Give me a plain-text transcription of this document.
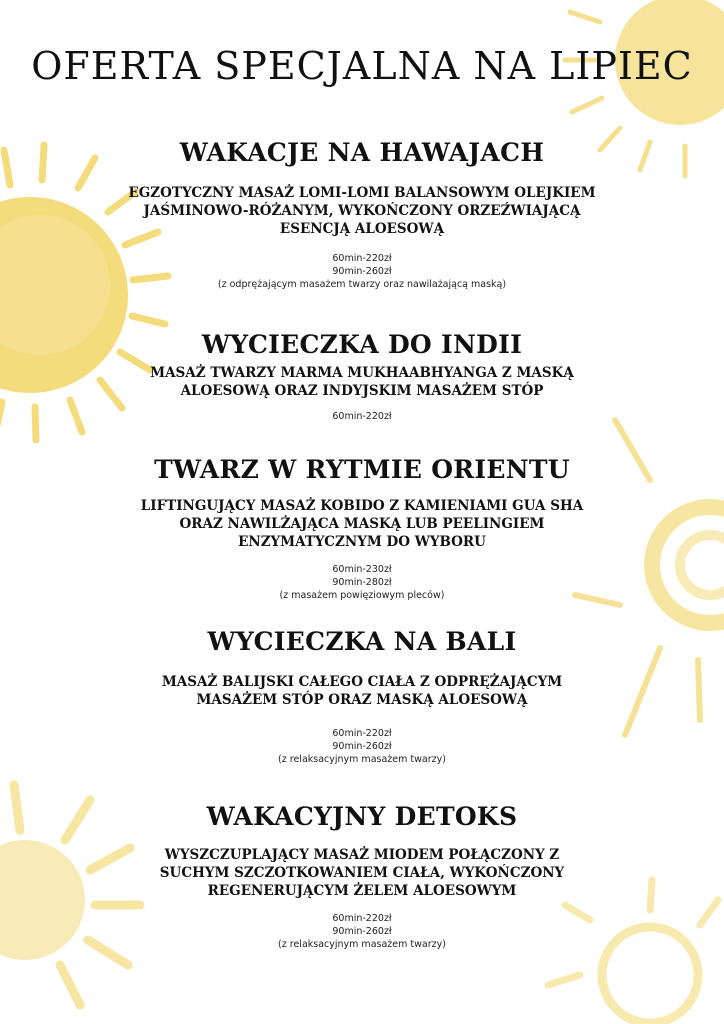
OFERTA SPECJALNA NA LIPIEC
WAKACJE NA HAWAJACH

EGZOTYCZNY MASAŻ LOMI-LOMI BALANSOWYM OLEJKIEM JAŚMINOWO-RÓŻANYM, WYKOŃCZONY ORZEŹWIAJĄCĄ ESENCJĄ ALOESOWĄ

60min-220zł
90min-260zł
(z odprężającym masażem twarzy oraz nawilażającą maską)
WYCIECZKA DO INDII

MASAŻ TWARZY MARMA MUKHAABHYANGA Z MASKĄ ALOESOWĄ ORAZ INDYJSKIM MASAŻEM STÓP

60min-220zł
TWARZ W RYTMIE ORIENTU

LIFTINGUJĄCY MASAŻ KOBIDO Z KAMIENIAMI GUA SHA ORAZ NAWILŻAJĄCA MASKĄ LUB PEELINGIEM ENZYMATYCZNYM DO WYBORU

60min-230zł
90min-280zł
(z masażem powięziowym pleców)
WYCIECZKA NA BALI

MASAŻ BALIJSKI CAŁEGO CIAŁA Z ODPRĘŻAJĄCYM MASAŻEM STÓP ORAZ MASKĄ ALOESOWĄ

60min-220zł
90min-260zł
(z relaksacyjnym masażem twarzy)
WAKACYJNY DETOKS

WYSZCZUPLAJĄCY MASAŻ MIODEM POŁĄCZONY Z SUCHYM SZCZOTKOWANIEM CIAŁA, WYKOŃCZONY REGENERUJĄCYM ŻELEM ALOESOWYM

60min-220zł
90min-260zł
(z relaksacyjnym masażem twarzy)
